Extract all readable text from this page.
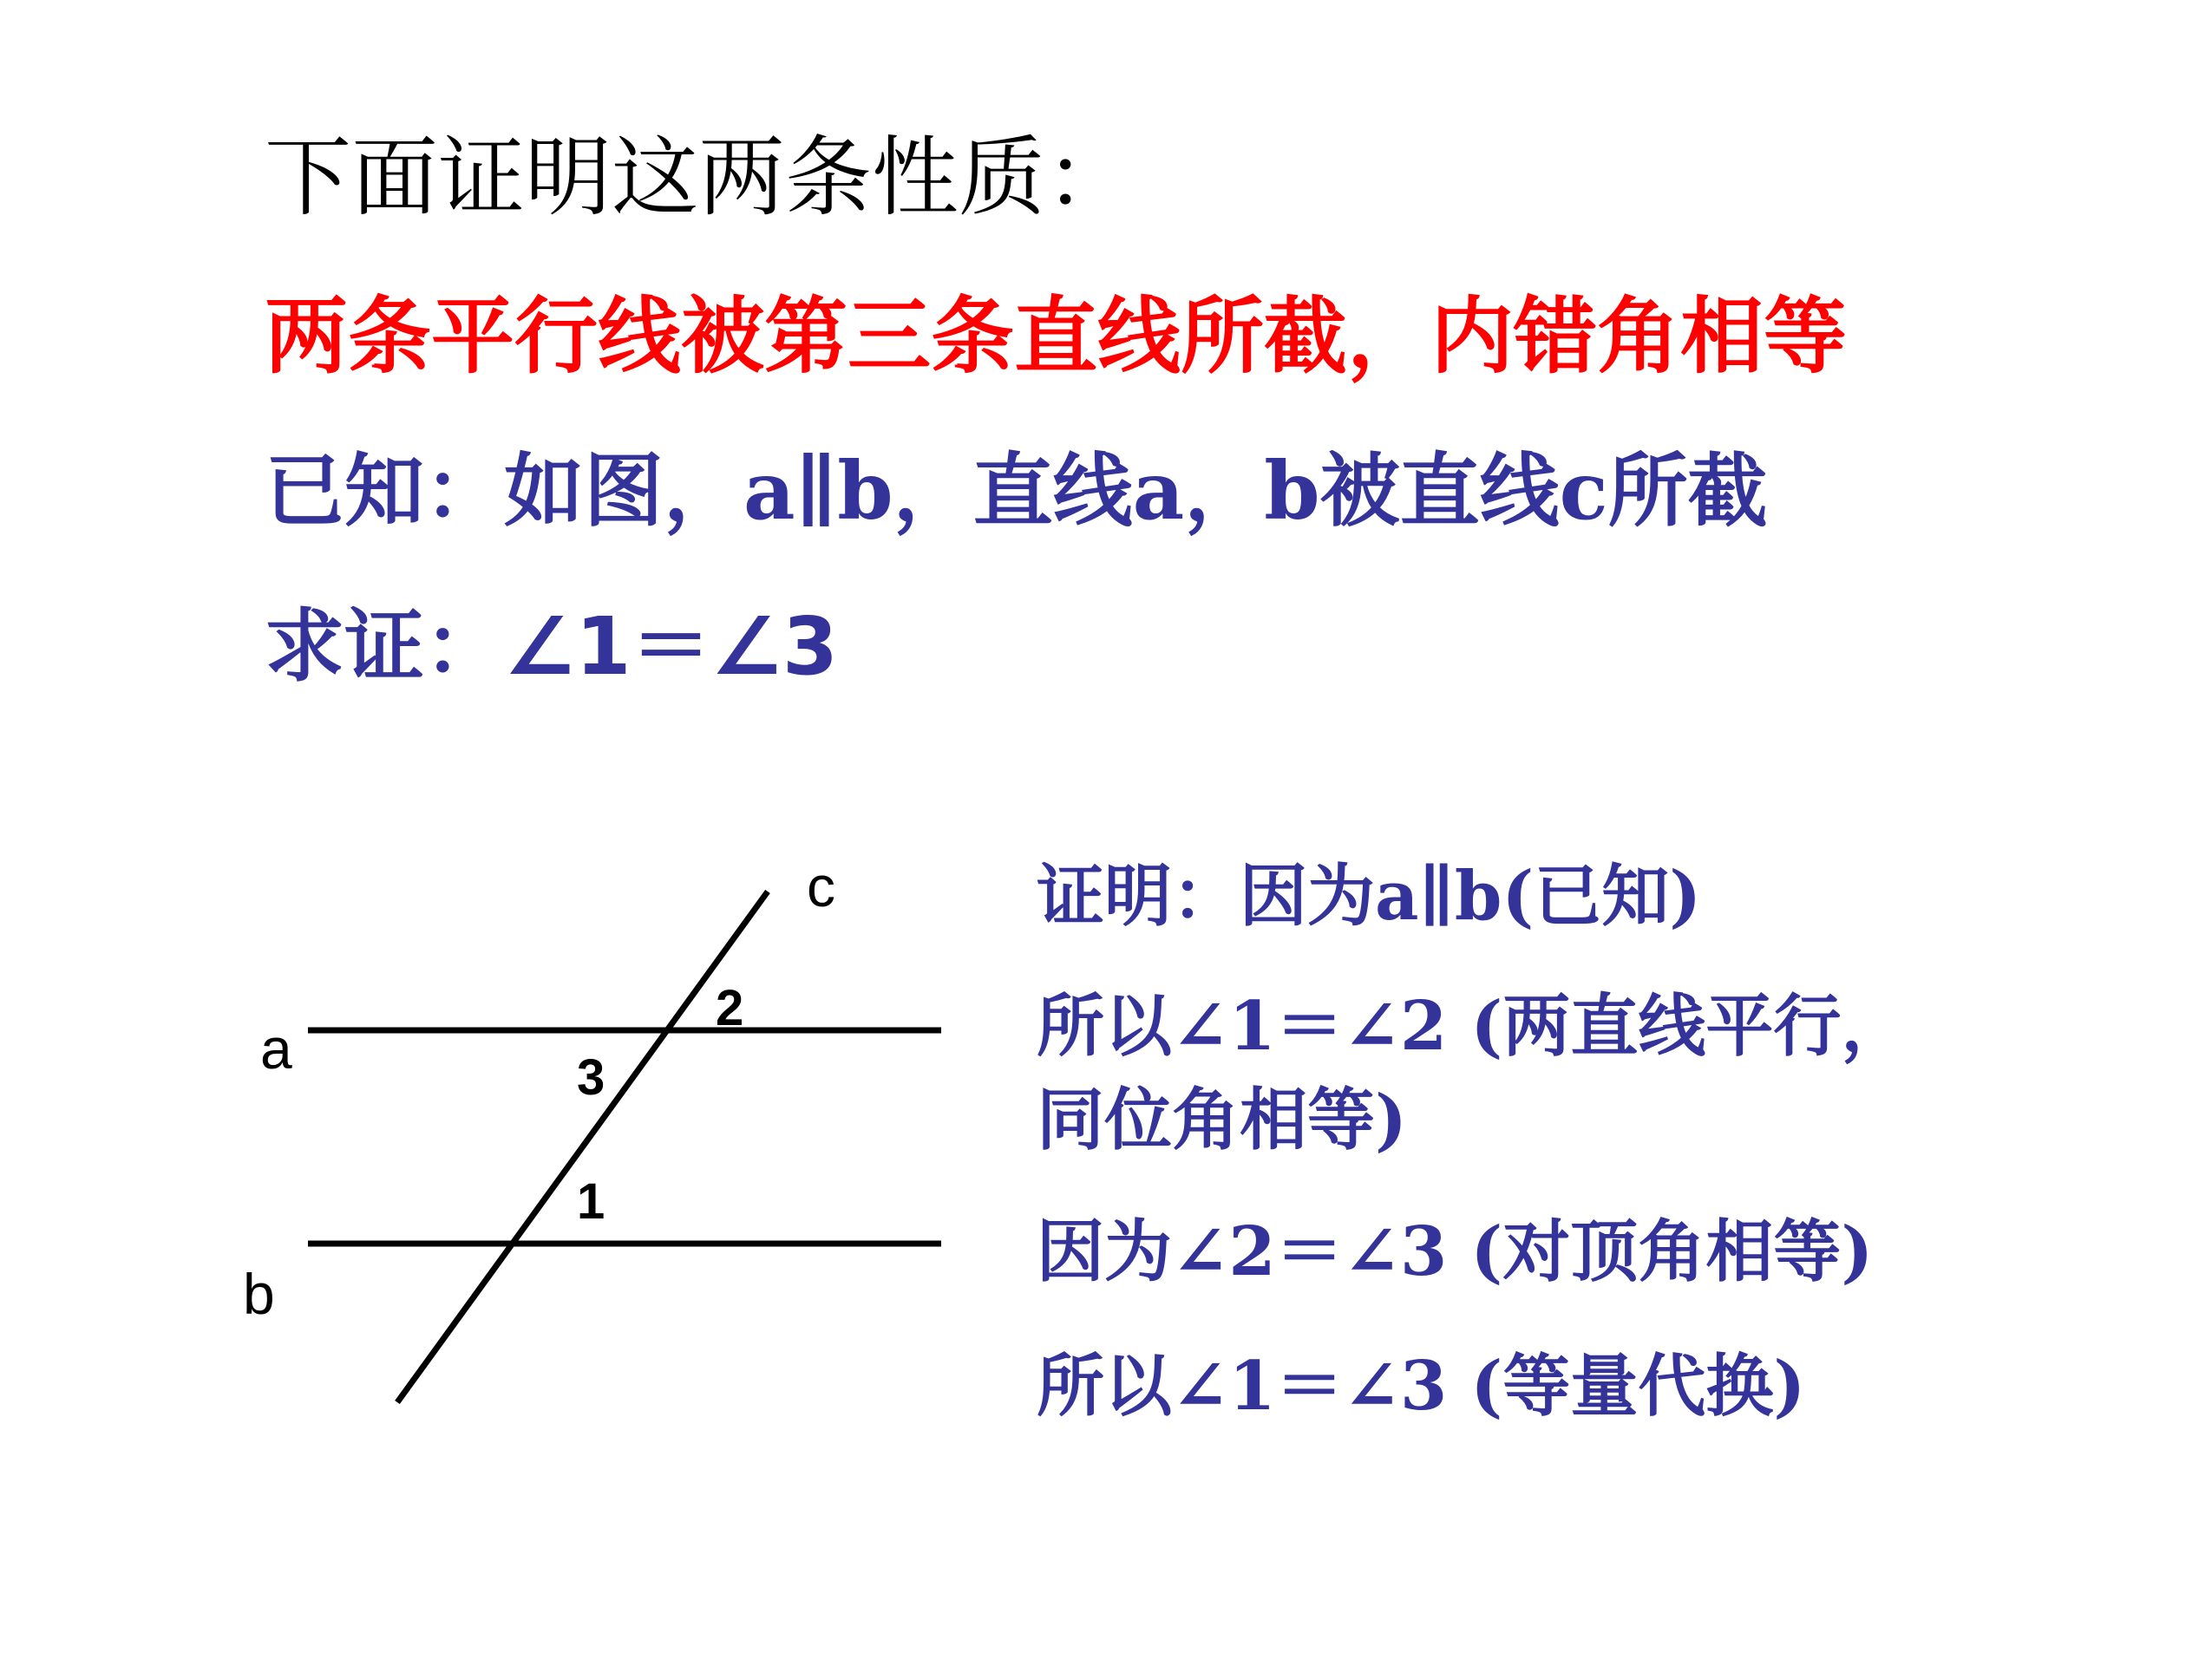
下面证明这两条性质：
两条平行线被第三条直线所截，内错角相等
已知：如图，a∥b，直线a，b被直线c所截
求证：∠1＝∠3
a
b
c
1
2
3
证明：因为a∥b(已知)
所以∠1＝∠2 (两直线平行，
同位角相等)
因为∠2＝∠3 (对顶角相等)
所以∠1＝∠3 (等量代换)
